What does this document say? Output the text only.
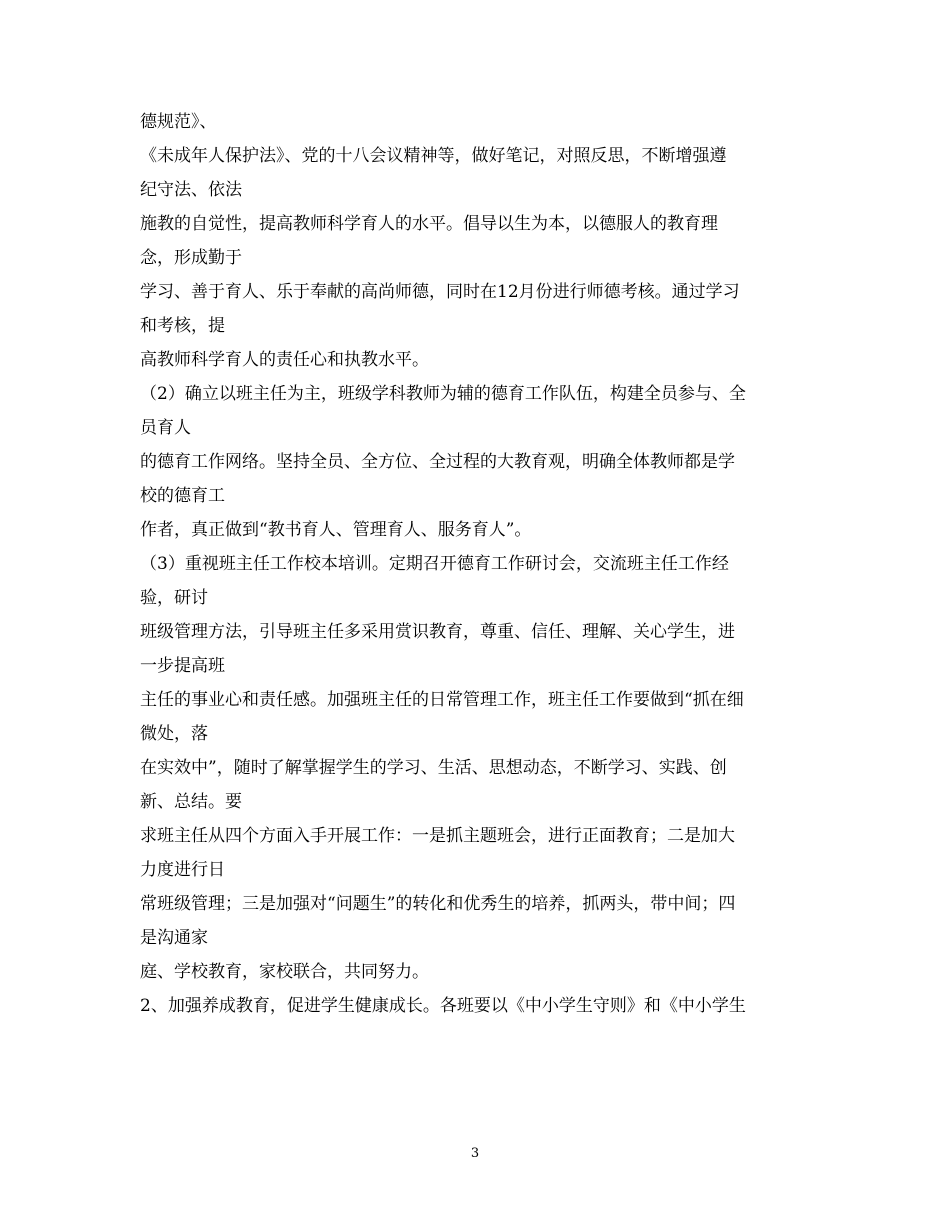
德规范》、

《未成年人保护法》、党的十八会议精神等，做好笔记，对照反思，不断增强遵

纪守法、依法

施教的自觉性，提高教师科学育人的水平。倡导以生为本，以德服人的教育理

念，形成勤于

学习、善于育人、乐于奉献的高尚师德，同时在12月份进行师德考核。通过学习

和考核，提

高教师科学育人的责任心和执教水平。

（2）确立以班主任为主，班级学科教师为辅的德育工作队伍，构建全员参与、全

员育人

的德育工作网络。坚持全员、全方位、全过程的大教育观，明确全体教师都是学

校的德育工

作者，真正做到“教书育人、管理育人、服务育人”。

（3）重视班主任工作校本培训。定期召开德育工作研讨会，交流班主任工作经

验，研讨

班级管理方法，引导班主任多采用赏识教育，尊重、信任、理解、关心学生，进

一步提高班

主任的事业心和责任感。加强班主任的日常管理工作，班主任工作要做到“抓在细

微处，落

在实效中”，随时了解掌握学生的学习、生活、思想动态，不断学习、实践、创

新、总结。要

求班主任从四个方面入手开展工作：一是抓主题班会，进行正面教育；二是加大

力度进行日

常班级管理；三是加强对“问题生”的转化和优秀生的培养，抓两头，带中间；四

是沟通家

庭、学校教育，家校联合，共同努力。

2、加强养成教育，促进学生健康成长。各班要以《中小学生守则》和《中小学生

3
